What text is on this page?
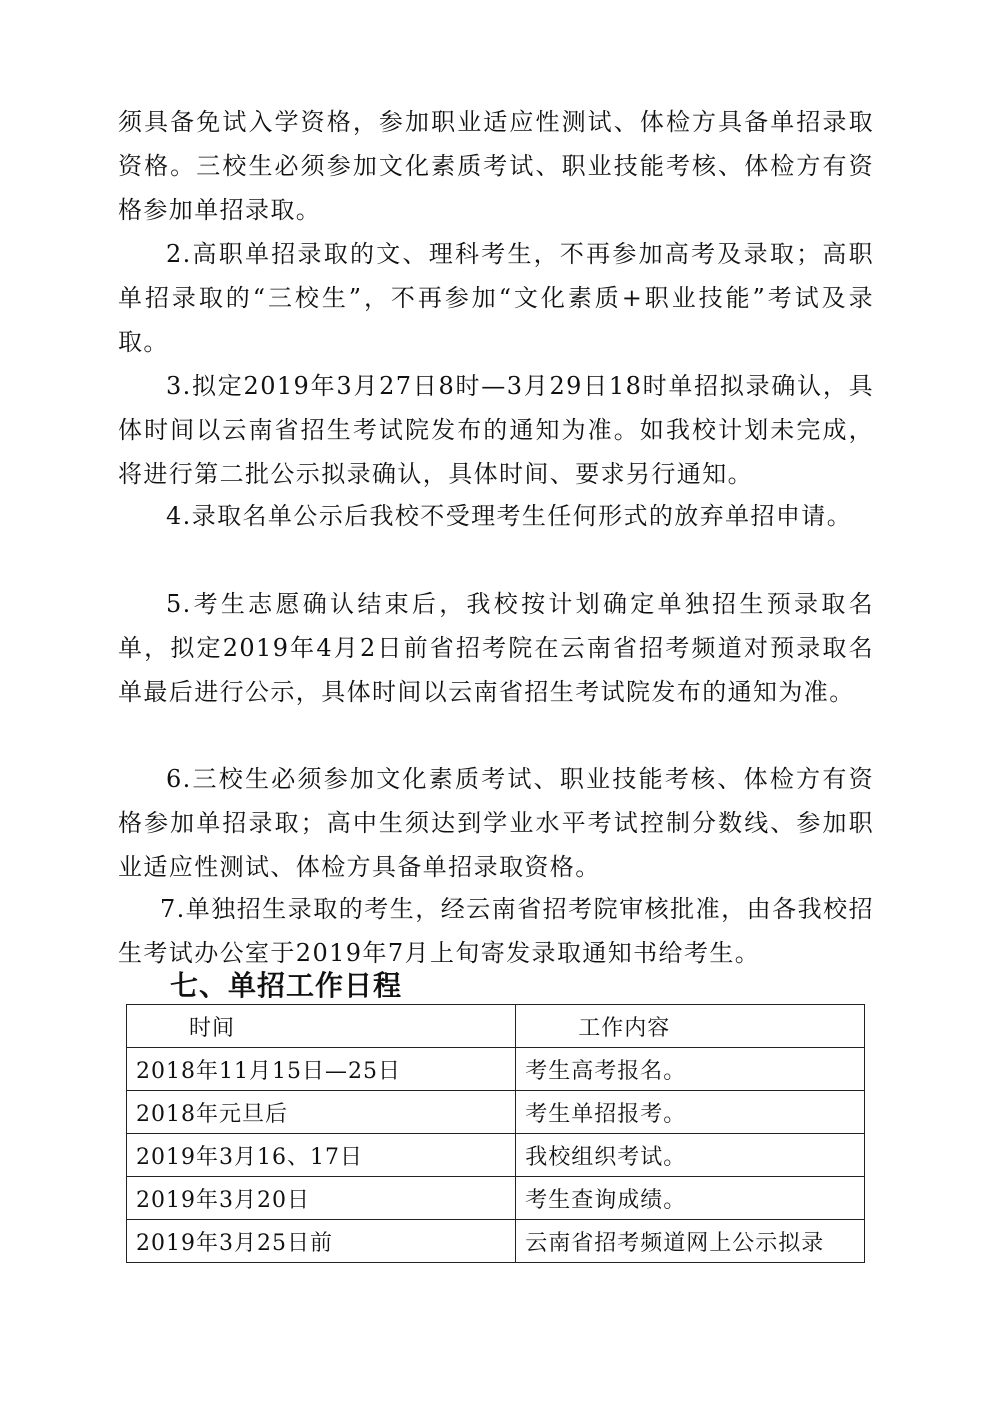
须具备免试入学资格，参加职业适应性测试、体检方具备单招录取资格。三校生必须参加文化素质考试、职业技能考核、体检方有资格参加单招录取。

2.高职单招录取的文、理科考生，不再参加高考及录取；高职单招录取的“三校生”，不再参加“文化素质+职业技能”考试及录取。

3.拟定2019年3月27日8时—3月29日18时单招拟录确认，具体时间以云南省招生考试院发布的通知为准。如我校计划未完成，将进行第二批公示拟录确认，具体时间、要求另行通知。

4.录取名单公示后我校不受理考生任何形式的放弃单招申请。

5.考生志愿确认结束后，我校按计划确定单独招生预录取名单，拟定2019年4月2日前省招考院在云南省招考频道对预录取名单最后进行公示，具体时间以云南省招生考试院发布的通知为准。

6.三校生必须参加文化素质考试、职业技能考核、体检方有资格参加单招录取；高中生须达到学业水平考试控制分数线、参加职业适应性测试、体检方具备单招录取资格。

7.单独招生录取的考生，经云南省招考院审核批准，由各我校招生考试办公室于2019年7月上旬寄发录取通知书给考生。

七、单招工作日程
时间	工作内容
2018年11月15日—25日	考生高考报名。
2018年元旦后	考生单招报考。
2019年3月16、17日	我校组织考试。
2019年3月20日	考生查询成绩。
2019年3月25日前	云南省招考频道网上公示拟录
